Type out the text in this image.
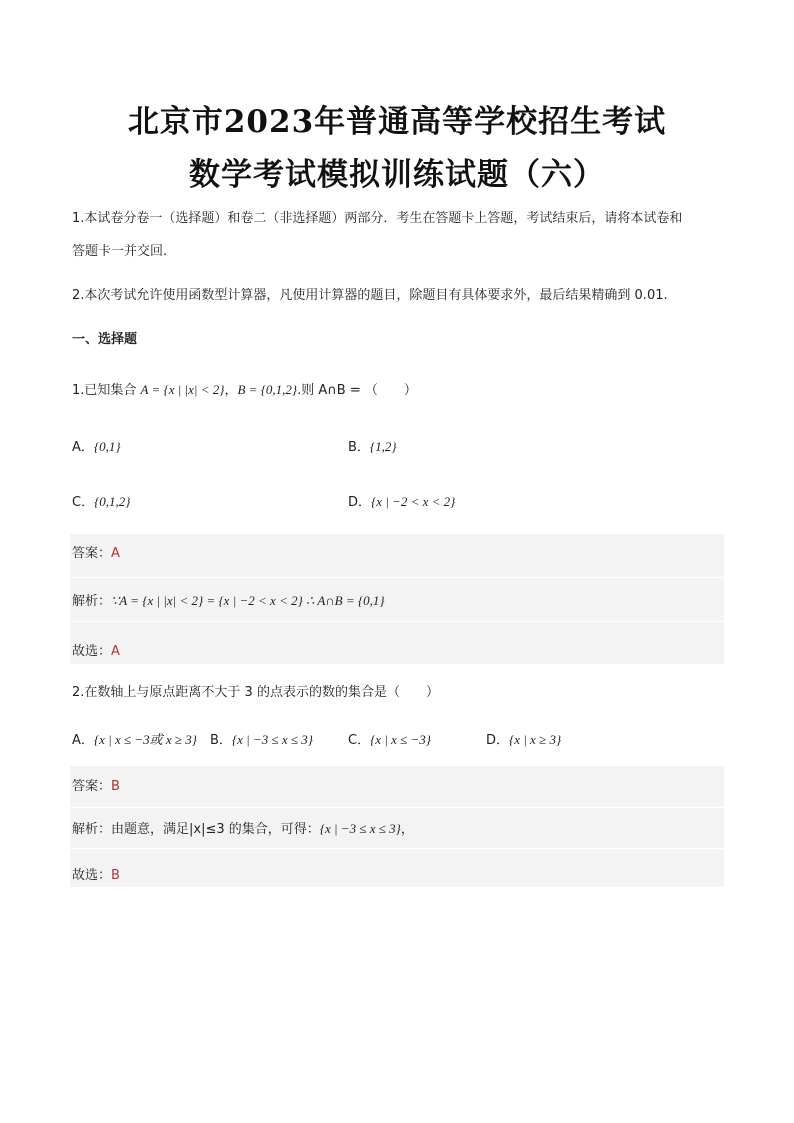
北京市2023年普通高等学校招生考试
数学考试模拟训练试题（六）
1.本试卷分卷一（选择题）和卷二（非选择题）两部分．考生在答题卡上答题，考试结束后，请将本试卷和
答题卡一并交回.
2.本次考试允许使用函数型计算器，凡使用计算器的题目，除题目有具体要求外，最后结果精确到 0.01.
一、选择题
1.已知集合 A = {x | |x| < 2}，B = {0,1,2}.则 A∩B = （　　）
A．{0,1}	B．{1,2}
C．{0,1,2}	D．{x | −2 < x < 2}
答案：A
解析：∵A = {x | |x| < 2} = {x | −2 < x < 2} ∴ A∩B = {0,1}
故选：A
2.在数轴上与原点距离不大于 3 的点表示的数的集合是（　　）
A．{x | x ≤ −3或 x ≥ 3} B．{x | −3 ≤ x ≤ 3}	C．{x | x ≤ −3}	D．{x | x ≥ 3}
答案：B
解析：由题意，满足|x|≤3 的集合，可得：{x | −3 ≤ x ≤ 3}，
故选：B
